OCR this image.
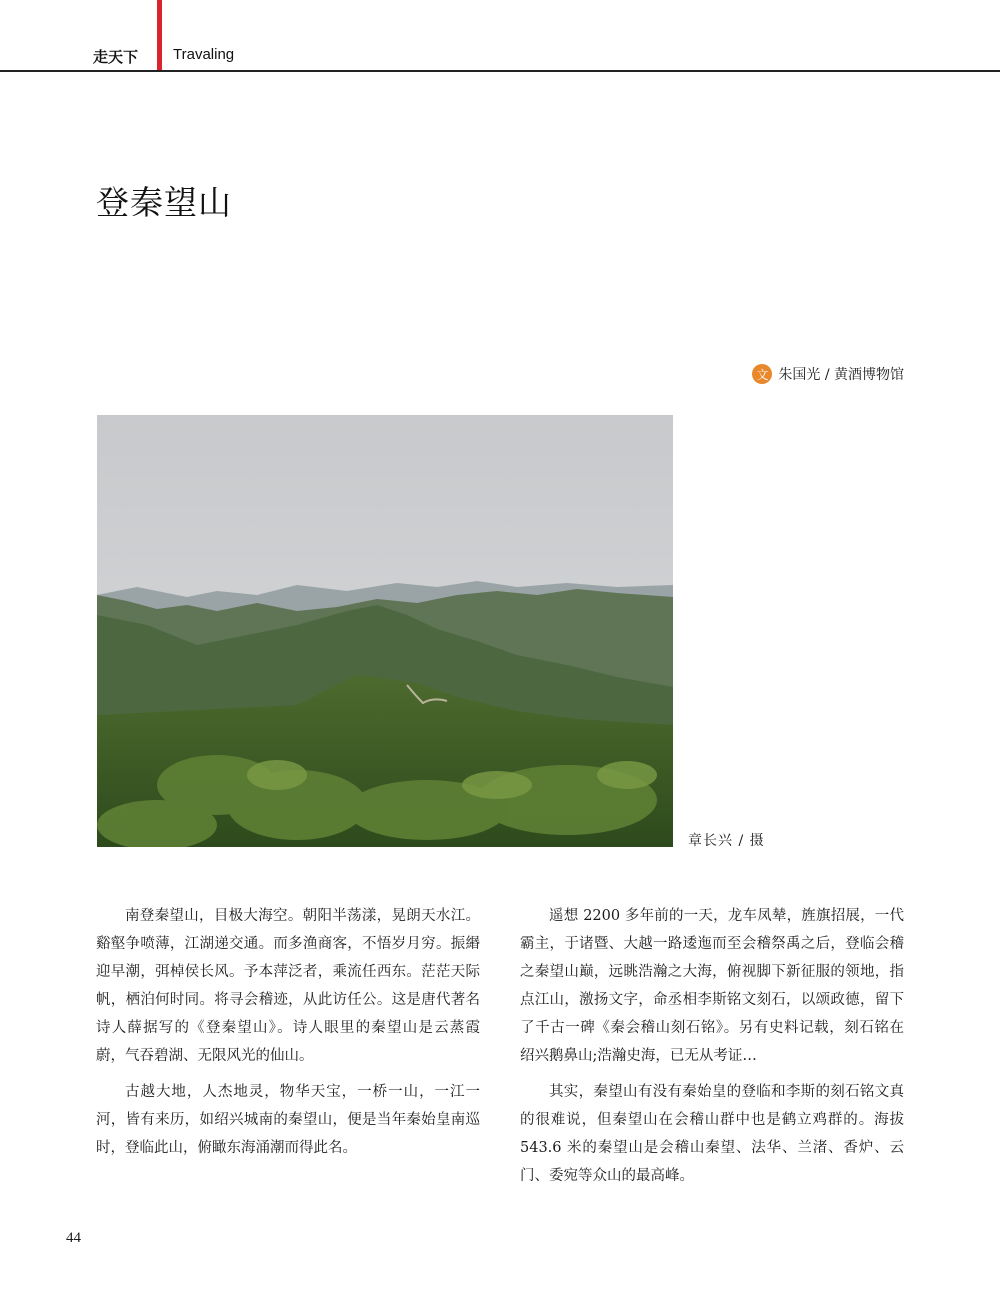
走天下 Travaling
登秦望山
文 朱国光 / 黄酒博物馆
章长兴 / 摄

南登秦望山，目极大海空。朝阳半荡漾，晃朗天水江。 谿壑争喷薄，江湖递交通。而多渔商客，不悟岁月穷。振緡迎早潮，弭棹侯长风。予本萍泛者，乘流任西东。茫茫天际帆，栖泊何时同。将寻会稽迹，从此访任公。这是唐代著名诗人薛据写的《登秦望山》。诗人眼里的秦望山是云蒸霞蔚，气吞碧湖、无限风光的仙山。

古越大地，人杰地灵，物华天宝，一桥一山，一江一河，皆有来历，如绍兴城南的秦望山，便是当年秦始皇南巡时，登临此山，俯瞰东海涌潮而得此名。

遥想 2200 多年前的一天，龙车凤辇，旌旗招展，一代霸主，于诸暨、大越一路逶迤而至会稽祭禹之后，登临会稽之秦望山巅，远眺浩瀚之大海，俯视脚下新征服的领地，指点江山，激扬文字，命丞相李斯铭文刻石，以颂政德，留下了千古一碑《秦会稽山刻石铭》。另有史料记载，刻石铭在绍兴鹅鼻山;浩瀚史海，已无从考证…

其实，秦望山有没有秦始皇的登临和李斯的刻石铭文真的很难说，但秦望山在会稽山群中也是鹤立鸡群的。海拔 543.6 米的秦望山是会稽山秦望、法华、兰渚、香炉、云门、委宛等众山的最高峰。

44
